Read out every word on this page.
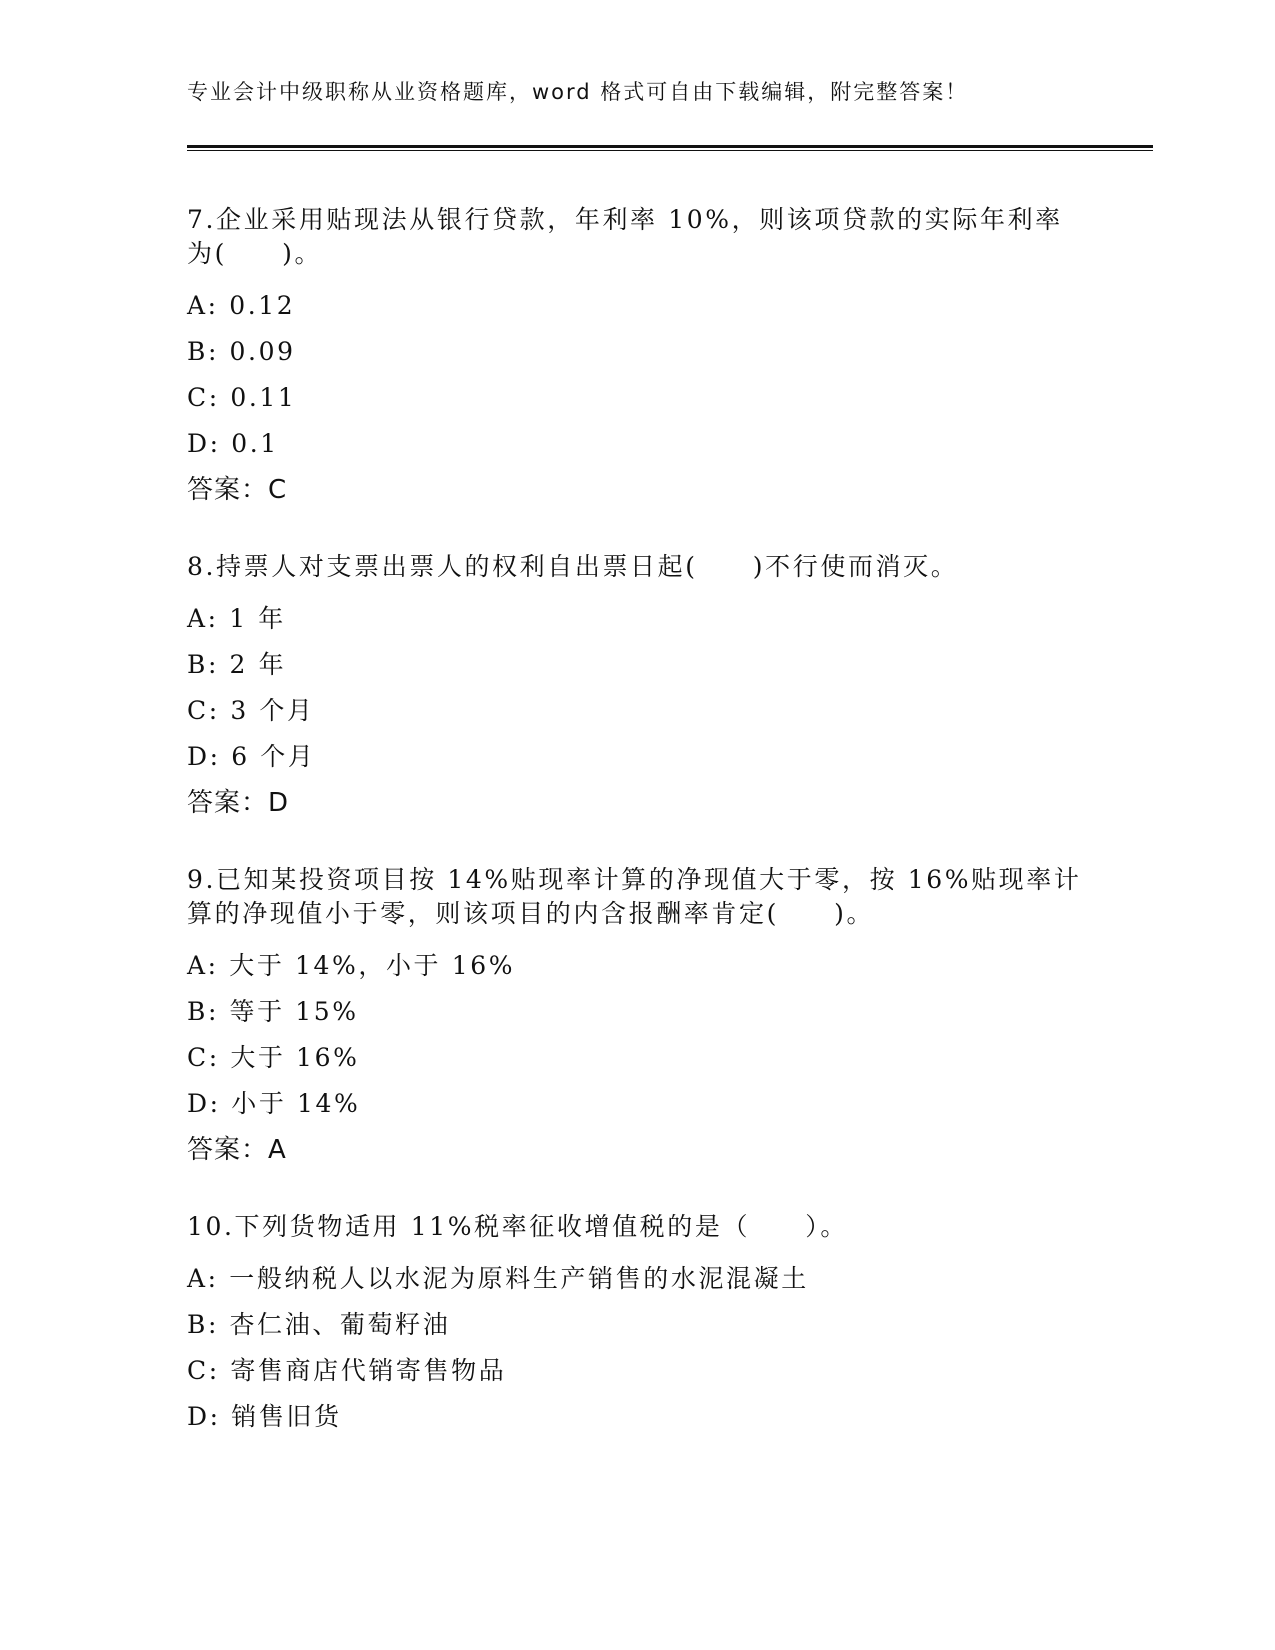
专业会计中级职称从业资格题库，word 格式可自由下载编辑，附完整答案！
7.企业采用贴现法从银行贷款，年利率 10%，则该项贷款的实际年利率为(　　)。
A: 0.12
B: 0.09
C: 0.11
D: 0.1
答案：C
8.持票人对支票出票人的权利自出票日起(　　)不行使而消灭。
A: 1 年
B: 2 年
C: 3 个月
D: 6 个月
答案：D
9.已知某投资项目按 14%贴现率计算的净现值大于零，按 16%贴现率计算的净现值小于零，则该项目的内含报酬率肯定(　　)。
A: 大于 14%，小于 16%
B: 等于 15%
C: 大于 16%
D: 小于 14%
答案：A
10.下列货物适用 11%税率征收增值税的是（　　）。
A: 一般纳税人以水泥为原料生产销售的水泥混凝土
B: 杏仁油、葡萄籽油
C: 寄售商店代销寄售物品
D: 销售旧货
